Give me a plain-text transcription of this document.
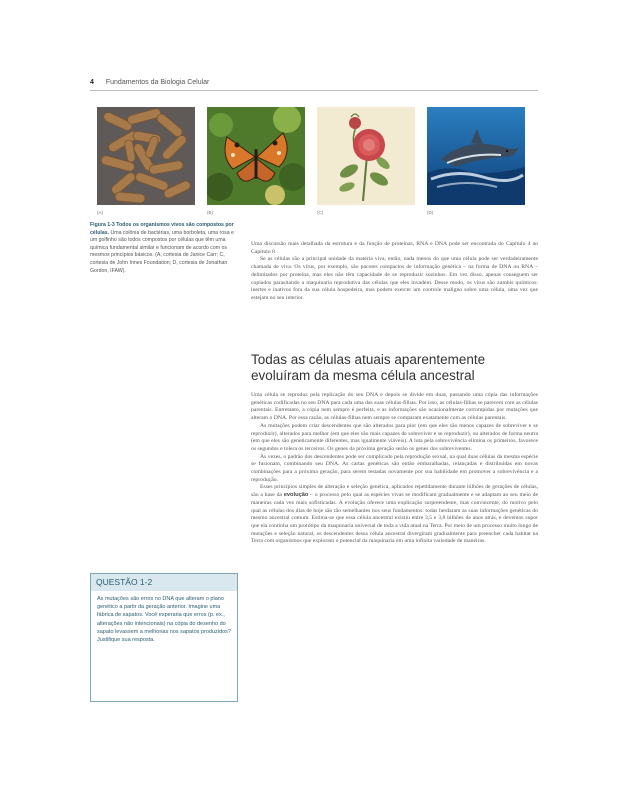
4 Fundamentos da Biologia Celular
(A)	(B)	(C)	(D)
Figura 1-3 Todos os organismos vivos são compostos por células. Uma colônia de bactérias, uma borboleta, uma rosa e um golfinho são todos compostos por células que têm uma química fundamental similar e funcionam de acordo com os mesmos princípios básicos. (A, cortesia de Janice Carr; C, cortesia de John Innes Foundation; D, cortesia de Jonathan Gordon, IFAW).

Uma discussão mais detalhada da estrutura e da função de proteínas, RNA e DNA pode ser encontrada do Capítulo 4 ao Capítulo 8.

Se as células são a principal unidade da matéria viva, então, nada menos do que uma célula pode ser verdadeiramente chamada de viva. Os vírus, por exemplo, são pacotes compactos de informação genética – na forma de DNA ou RNA – delimitados por proteína, mas eles não têm capacidade de se reproduzir sozinhos. Em vez disso, apenas conseguem ser copiados parasitando a maquinaria reprodutiva das células que eles invadem. Desse modo, os vírus são zumbis químicos: inertes e inativos fora da sua célula hospedeira, mas podem exercer um controle maligno sobre uma célula, uma vez que estejam no seu interior.

Todas as células atuais aparentemente evoluíram da mesma célula ancestral

Uma célula se reproduz pela replicação do seu DNA e depois se divide em duas, passando uma cópia das informações genéticas codificadas no seu DNA para cada uma das suas células-filhas. Por isso, as células-filhas se parecem com as células parentais. Entretanto, a cópia nem sempre é perfeita, e as informações são ocasionalmente corrompidas por mutações que alteram o DNA. Por essa razão, as células-filhas nem sempre se comparam exatamente com as células parentais.

As mutações podem criar descendentes que são alterados para pior (em que eles são menos capazes de sobreviver e se reproduzir), alterados para melhor (em que eles são mais capazes de sobreviver e se reproduzir), ou alterados de forma neutra (em que eles são geneticamente diferentes, mas igualmente viáveis). A luta pela sobrevivência elimina os primeiros, favorece os segundos e tolera os terceiros. Os genes da próxima geração serão os genes dos sobreviventes.

Às vezes, o padrão dos descendentes pode ser complicado pela reprodução sexual, na qual duas células da mesma espécie se fusionam, combinando seu DNA. As cartas genéticas são então embaralhadas, relançadas e distribuídas em novas combinações para a próxima geração, para serem testadas novamente por sua habilidade em promover a sobrevivência e a reprodução.

Esses princípios simples de alteração e seleção genética, aplicados repetidamente durante bilhões de gerações de células, são a base da evolução – o processo pelo qual as espécies vivas se modificam gradualmente e se adaptam ao seu meio de maneiras cada vez mais sofisticadas. A evolução oferece uma explicação surpreendente, mas convincente, do motivo pelo qual as células dos dias de hoje são tão semelhantes nos seus fundamentos: todas herdaram as suas informações genéticas do mesmo ancestral comum. Estima-se que essa célula ancestral existiu entre 3,5 e 3,8 bilhões de anos atrás, e devemos supor que ela continha um protótipo da maquinaria universal de toda a vida atual na Terra. Por meio de um processo muito longo de mutações e seleção natural, os descendentes dessa célula ancestral divergiram gradualmente para preencher cada habitat na Terra com organismos que exploram o potencial da maquinaria em uma infinita variedade de maneiras.

QUESTÃO 1-2
As mutações são erros no DNA que alteram o plano genético a partir da geração anterior. Imagine uma fábrica de sapatos. Você esperaria que erros (p. ex., alterações não intencionais) na cópia do desenho do sapato levassem a melhorias nos sapatos produzidos? Justifique sua resposta.
